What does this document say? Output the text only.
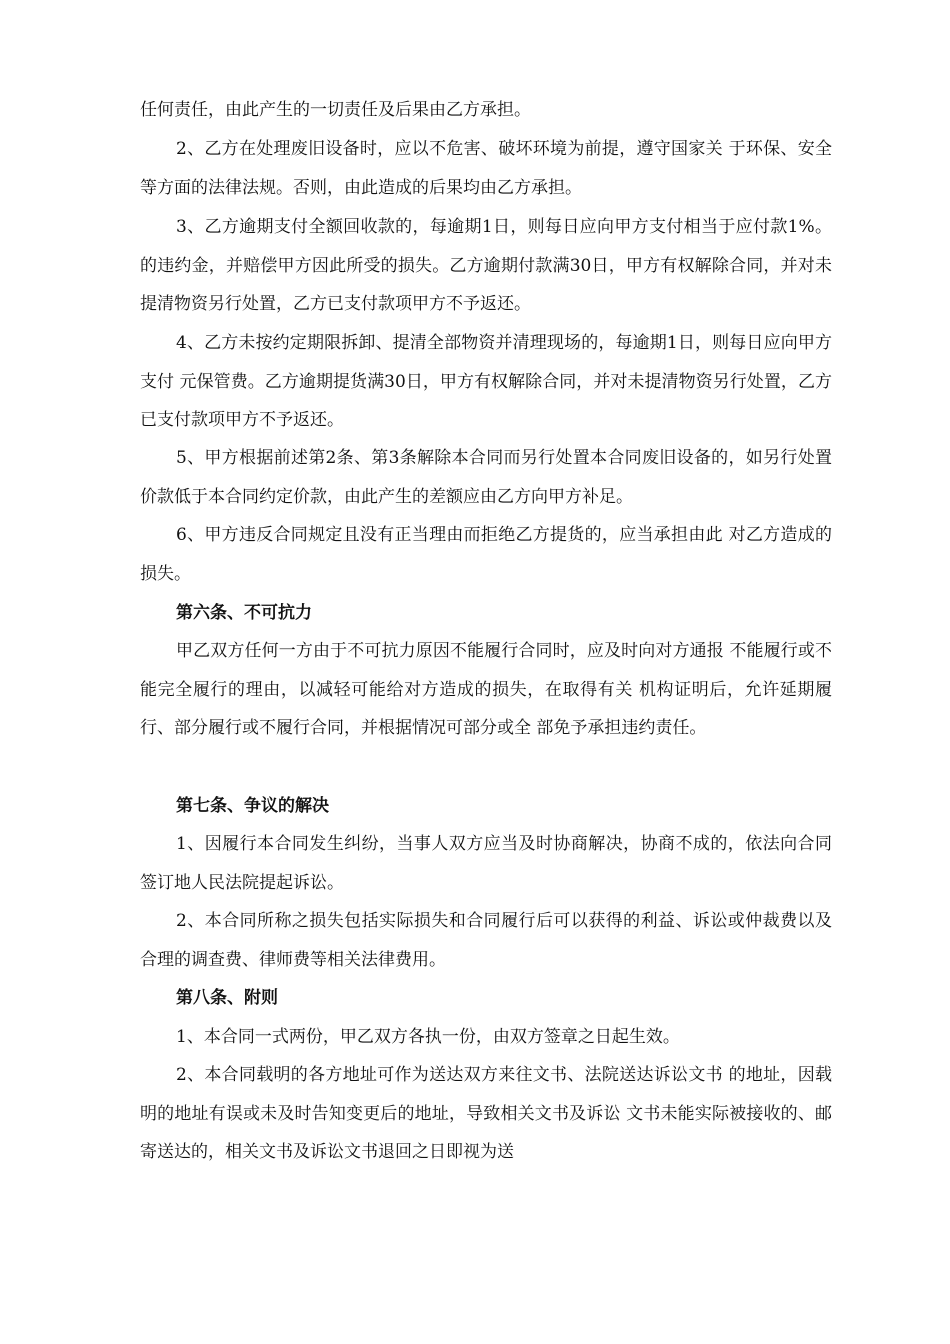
任何责任，由此产生的一切责任及后果由乙方承担。

2、乙方在处理废旧设备时，应以不危害、破坏环境为前提，遵守国家关 于环保、安全等方面的法律法规。否则，由此造成的后果均由乙方承担。

3、乙方逾期支付全额回收款的，每逾期1日，则每日应向甲方支付相当于应付款1%。的违约金，并赔偿甲方因此所受的损失。乙方逾期付款满30日，甲方有权解除合同，并对未提清物资另行处置，乙方已支付款项甲方不予返还。

4、乙方未按约定期限拆卸、提清全部物资并清理现场的，每逾期1日，则每日应向甲方支付 元保管费。乙方逾期提货满30日，甲方有权解除合同，并对未提清物资另行处置，乙方已支付款项甲方不予返还。

5、甲方根据前述第2条、第3条解除本合同而另行处置本合同废旧设备的，如另行处置价款低于本合同约定价款，由此产生的差额应由乙方向甲方补足。

6、甲方违反合同规定且没有正当理由而拒绝乙方提货的，应当承担由此 对乙方造成的损失。

第六条、不可抗力

甲乙双方任何一方由于不可抗力原因不能履行合同时，应及时向对方通报 不能履行或不能完全履行的理由，以减轻可能给对方造成的损失，在取得有关 机构证明后，允许延期履行、部分履行或不履行合同，并根据情况可部分或全 部免予承担违约责任。

第七条、争议的解决

1、因履行本合同发生纠纷，当事人双方应当及时协商解决，协商不成的，依法向合同签订地人民法院提起诉讼。

2、本合同所称之损失包括实际损失和合同履行后可以获得的利益、诉讼或仲裁费以及合理的调查费、律师费等相关法律费用。

第八条、附则

1、本合同一式两份，甲乙双方各执一份，由双方签章之日起生效。

2、本合同载明的各方地址可作为送达双方来往文书、法院送达诉讼文书 的地址，因载明的地址有误或未及时告知变更后的地址，导致相关文书及诉讼 文书未能实际被接收的、邮寄送达的，相关文书及诉讼文书退回之日即视为送
